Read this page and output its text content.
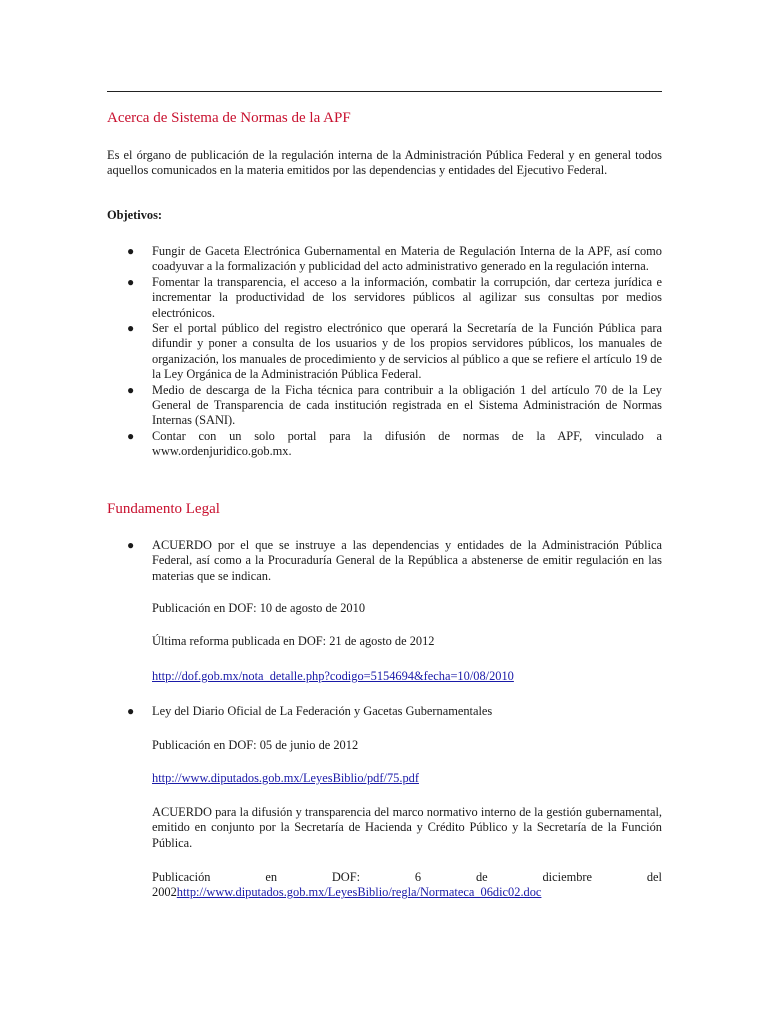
Acerca de Sistema de Normas de la APF

Es el órgano de publicación de la regulación interna de la Administración Pública Federal y en general todos aquellos comunicados en la materia emitidos por las dependencias y entidades del Ejecutivo Federal.

Objetivos:

● Fungir de Gaceta Electrónica Gubernamental en Materia de Regulación Interna de la APF, así como coadyuvar a la formalización y publicidad del acto administrativo generado en la regulación interna.
● Fomentar la transparencia, el acceso a la información, combatir la corrupción, dar certeza jurídica e incrementar la productividad de los servidores públicos al agilizar sus consultas por medios electrónicos.
● Ser el portal público del registro electrónico que operará la Secretaría de la Función Pública para difundir y poner a consulta de los usuarios y de los propios servidores públicos, los manuales de organización, los manuales de procedimiento y de servicios al público a que se refiere el artículo 19 de la Ley Orgánica de la Administración Pública Federal.
● Medio de descarga de la Ficha técnica para contribuir a la obligación 1 del artículo 70 de la Ley General de Transparencia de cada institución registrada en el Sistema Administración de Normas Internas (SANI).
● Contar con un solo portal para la difusión de normas de la APF, vinculado a www.ordenjuridico.gob.mx.
Fundamento Legal
● ACUERDO por el que se instruye a las dependencias y entidades de la Administración Pública Federal, así como a la Procuraduría General de la República a abstenerse de emitir regulación en las materias que se indican.

Publicación en DOF: 10 de agosto de 2010

Última reforma publicada en DOF: 21 de agosto de 2012

http://dof.gob.mx/nota_detalle.php?codigo=5154694&fecha=10/08/2010

● Ley del Diario Oficial de La Federación y Gacetas Gubernamentales

Publicación en DOF: 05 de junio de 2012

http://www.diputados.gob.mx/LeyesBiblio/pdf/75.pdf

ACUERDO para la difusión y transparencia del marco normativo interno de la gestión gubernamental, emitido en conjunto por la Secretaría de Hacienda y Crédito Público y la Secretaría de la Función Pública.

Publicación	en	DOF:	6	de	diciembre	del

2002http://www.diputados.gob.mx/LeyesBiblio/regla/Normateca_06dic02.doc
